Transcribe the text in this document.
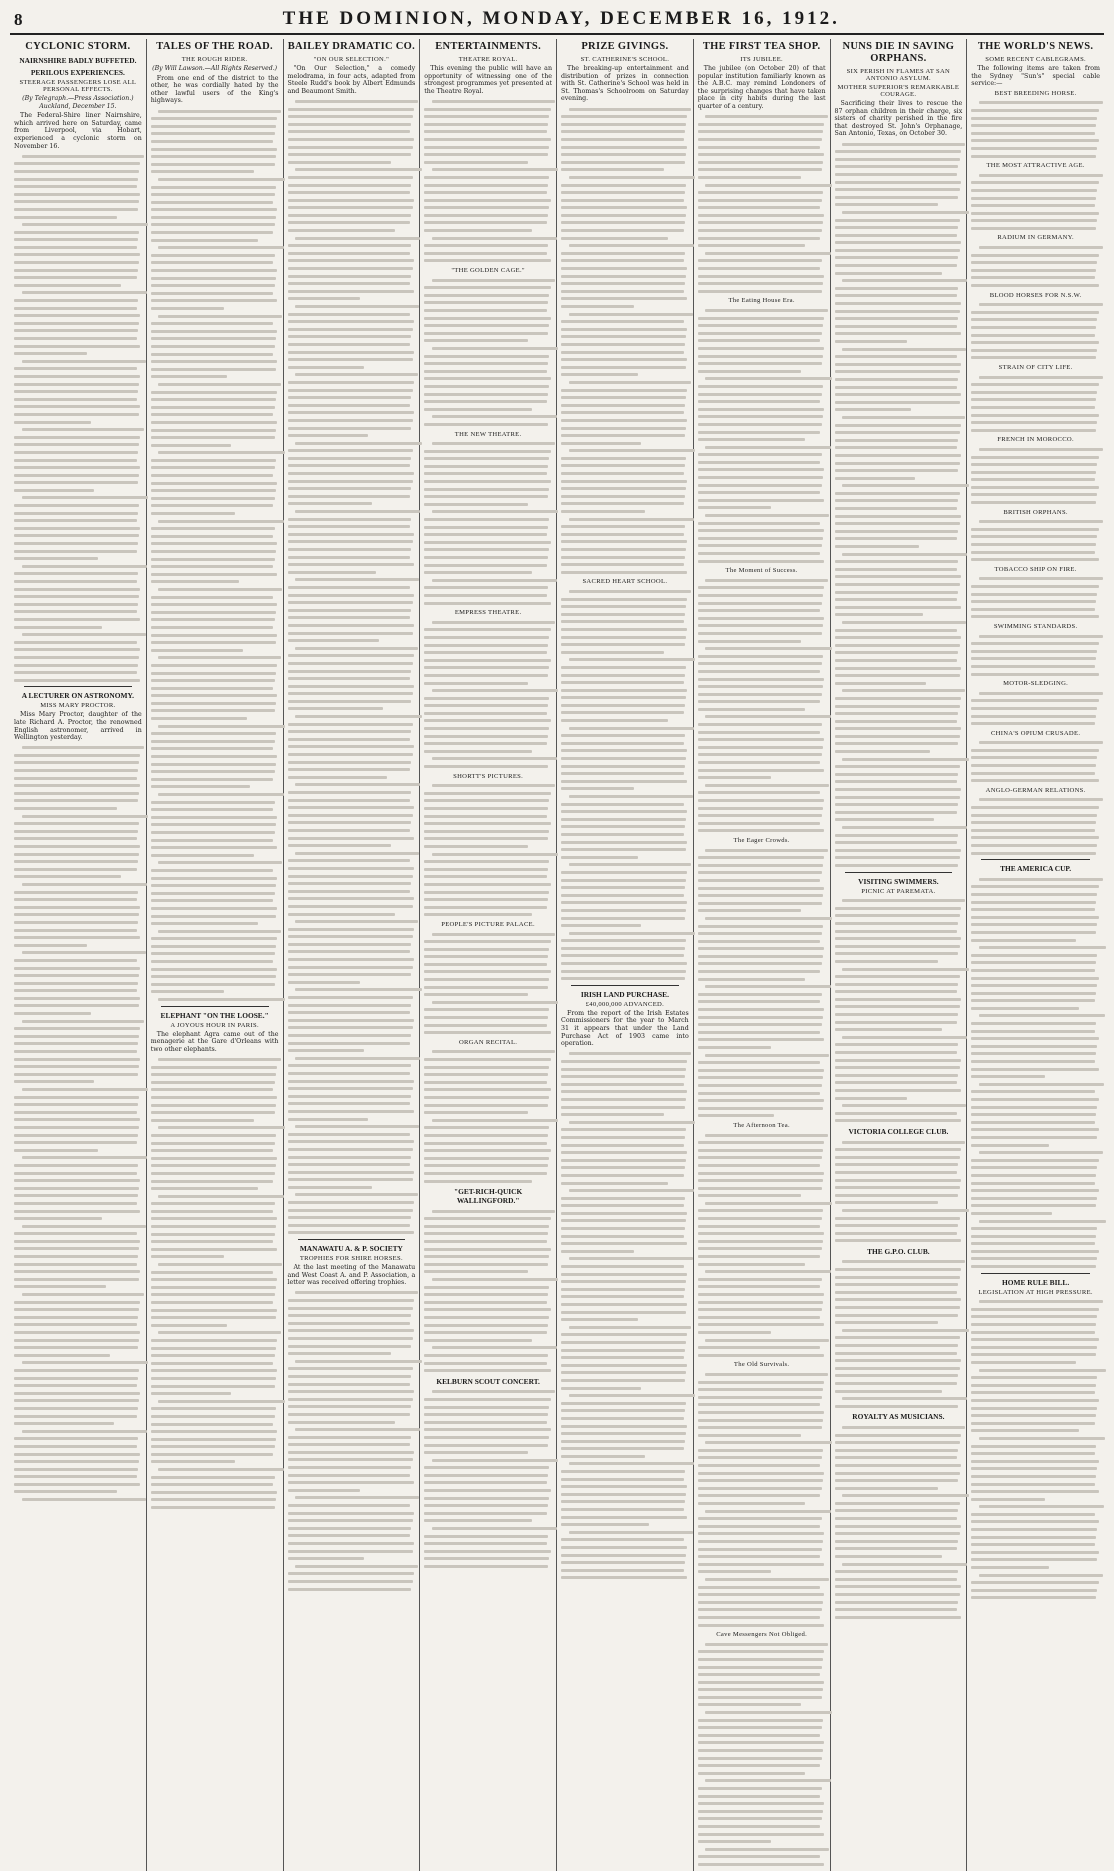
8	THE DOMINION, MONDAY, DECEMBER 16, 1912.
CYCLONIC STORM.
NAIRNSHIRE BADLY BUFFETED.
PERILOUS EXPERIENCES.
STEERAGE PASSENGERS LOSE ALL PERSONAL EFFECTS.
(By Telegraph.—Press Association.) Auckland, December 15.

The Federal-Shire liner Nairnshire, which arrived here on Saturday, came from Liverpool, via Hobart, experienced a cyclonic storm on November 16.

A LECTURER ON ASTRONOMY.
MISS MARY PROCTOR.

Miss Mary Proctor, daughter of the late Richard A. Proctor, the renowned English astronomer, arrived in Wellington yesterday.

TALES OF THE ROAD.
THE ROUGH RIDER.
(By Will Lawson.—All Rights Reserved.)

From one end of the district to the other, he was cordially hated by the other lawful users of the King's highways.

ELEPHANT "ON THE LOOSE."
A JOYOUS HOUR IN PARIS.

The elephant Agra came out of the menagerie at the Gare d'Orleans with two other elephants.

BAILEY DRAMATIC CO.
"ON OUR SELECTION."

"On Our Selection," a comedy melodrama, in four acts, adapted from Steele Rudd's book by Albert Edmunds and Beaumont Smith.

MANAWATU A. & P. SOCIETY
TROPHIES FOR SHIRE HORSES.

At the last meeting of the Manawatu and West Coast A. and P. Association, a letter was received offering trophies.

ENTERTAINMENTS.
THEATRE ROYAL.

This evening the public will have an opportunity of witnessing one of the strongest programmes yet presented at the Theatre Royal.

"THE GOLDEN CAGE."
THE NEW THEATRE.
EMPRESS THEATRE.
SHORTT'S PICTURES.
PEOPLE'S PICTURE PALACE.
ORGAN RECITAL.
"GET-RICH-QUICK WALLINGFORD."
KELBURN SCOUT CONCERT.
PRIZE GIVINGS.
ST. CATHERINE'S SCHOOL.

The breaking-up entertainment and distribution of prizes in connection with St. Catherine's School was held in St. Thomas's Schoolroom on Saturday evening.

SACRED HEART SCHOOL.
IRISH LAND PURCHASE.
£40,000,000 ADVANCED.

From the report of the Irish Estates Commissioners for the year to March 31 it appears that under the Land Purchase Act of 1903 came into operation.

THE FIRST TEA SHOP.
ITS JUBILEE.

The jubilee (on October 20) of that popular institution familiarly known as the A.B.C. may remind Londoners of the surprising changes that have taken place in city habits during the last quarter of a century.

The Eating House Era.
The Moment of Success.
The Eager Crowds.
The Afternoon Tea.
The Old Survivals.
Cave Messengers Not Obliged.
NUNS DIE IN SAVING ORPHANS.
SIX PERISH IN FLAMES AT SAN ANTONIO ASYLUM.
MOTHER SUPERIOR'S REMARKABLE COURAGE.

Sacrificing their lives to rescue the 87 orphan children in their charge, six sisters of charity perished in the fire that destroyed St. John's Orphanage, San Antonio, Texas, on October 30.

VISITING SWIMMERS.
PICNIC AT PAREMATA.
VICTORIA COLLEGE CLUB.
THE G.P.O. CLUB.
ROYALTY AS MUSICIANS.
THE WORLD'S NEWS.
SOME RECENT CABLEGRAMS.

The following items are taken from the Sydney "Sun's" special cable service:—

BEST BREEDING HORSE.
THE MOST ATTRACTIVE AGE.
RADIUM IN GERMANY.
BLOOD HORSES FOR N.S.W.
STRAIN OF CITY LIFE.
FRENCH IN MOROCCO.
BRITISH ORPHANS.
TOBACCO SHIP ON FIRE.
SWIMMING STANDARDS.
MOTOR-SLEDGING.
CHINA'S OPIUM CRUSADE.
ANGLO-GERMAN RELATIONS.
THE AMERICA CUP.
HOME RULE BILL.
LEGISLATION AT HIGH PRESSURE.
